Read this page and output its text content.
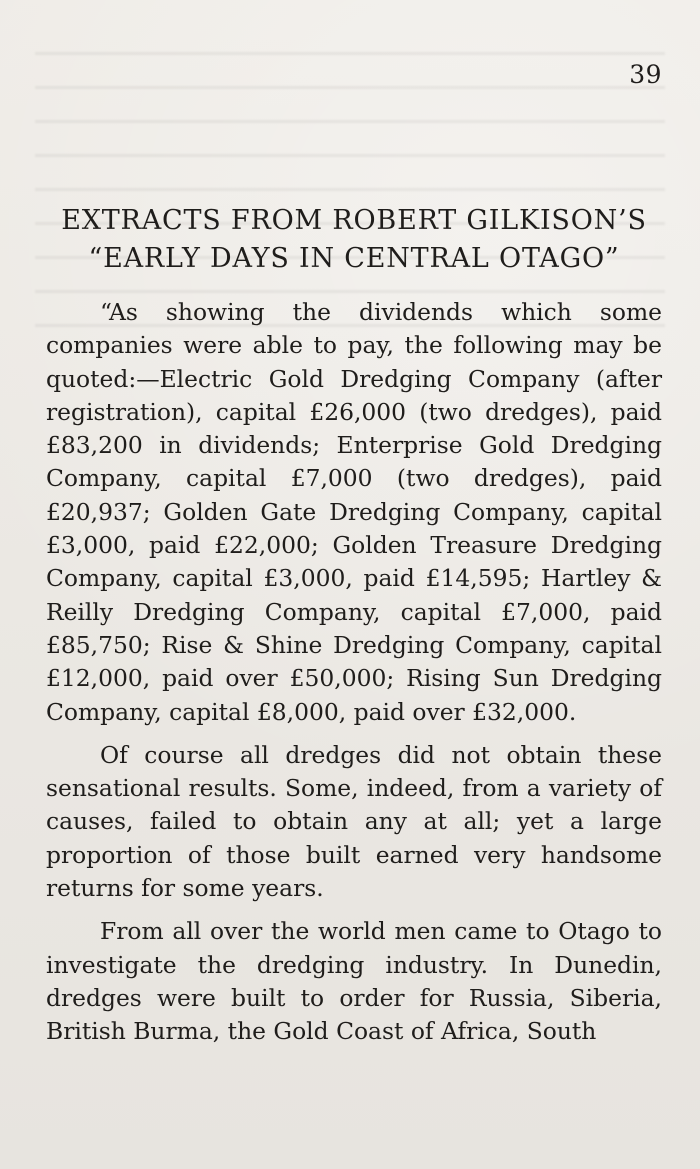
39
EXTRACTS FROM ROBERT GILKISON’S
“EARLY DAYS IN CENTRAL OTAGO”

“As showing the dividends which some companies were able to pay, the following may be quoted:—Electric Gold Dredging Company (after registration), capital £26,000 (two dredges), paid £83,200 in dividends; Enterprise Gold Dredging Company, capital £7,000 (two dredges), paid £20,937; Golden Gate Dredging Company, capital £3,000, paid £22,000; Golden Treasure Dredging Company, capital £3,000, paid £14,595; Hartley & Reilly Dredging Company, capital £7,000, paid £85,750; Rise & Shine Dredging Company, capital £12,000, paid over £50,000; Rising Sun Dredging Company, capital £8,000, paid over £32,000.

Of course all dredges did not obtain these sensational results. Some, indeed, from a variety of causes, failed to obtain any at all; yet a large proportion of those built earned very handsome returns for some years.

From all over the world men came to Otago to investigate the dredging industry. In Dunedin, dredges were built to order for Russia, Siberia, British Burma, the Gold Coast of Africa, South
